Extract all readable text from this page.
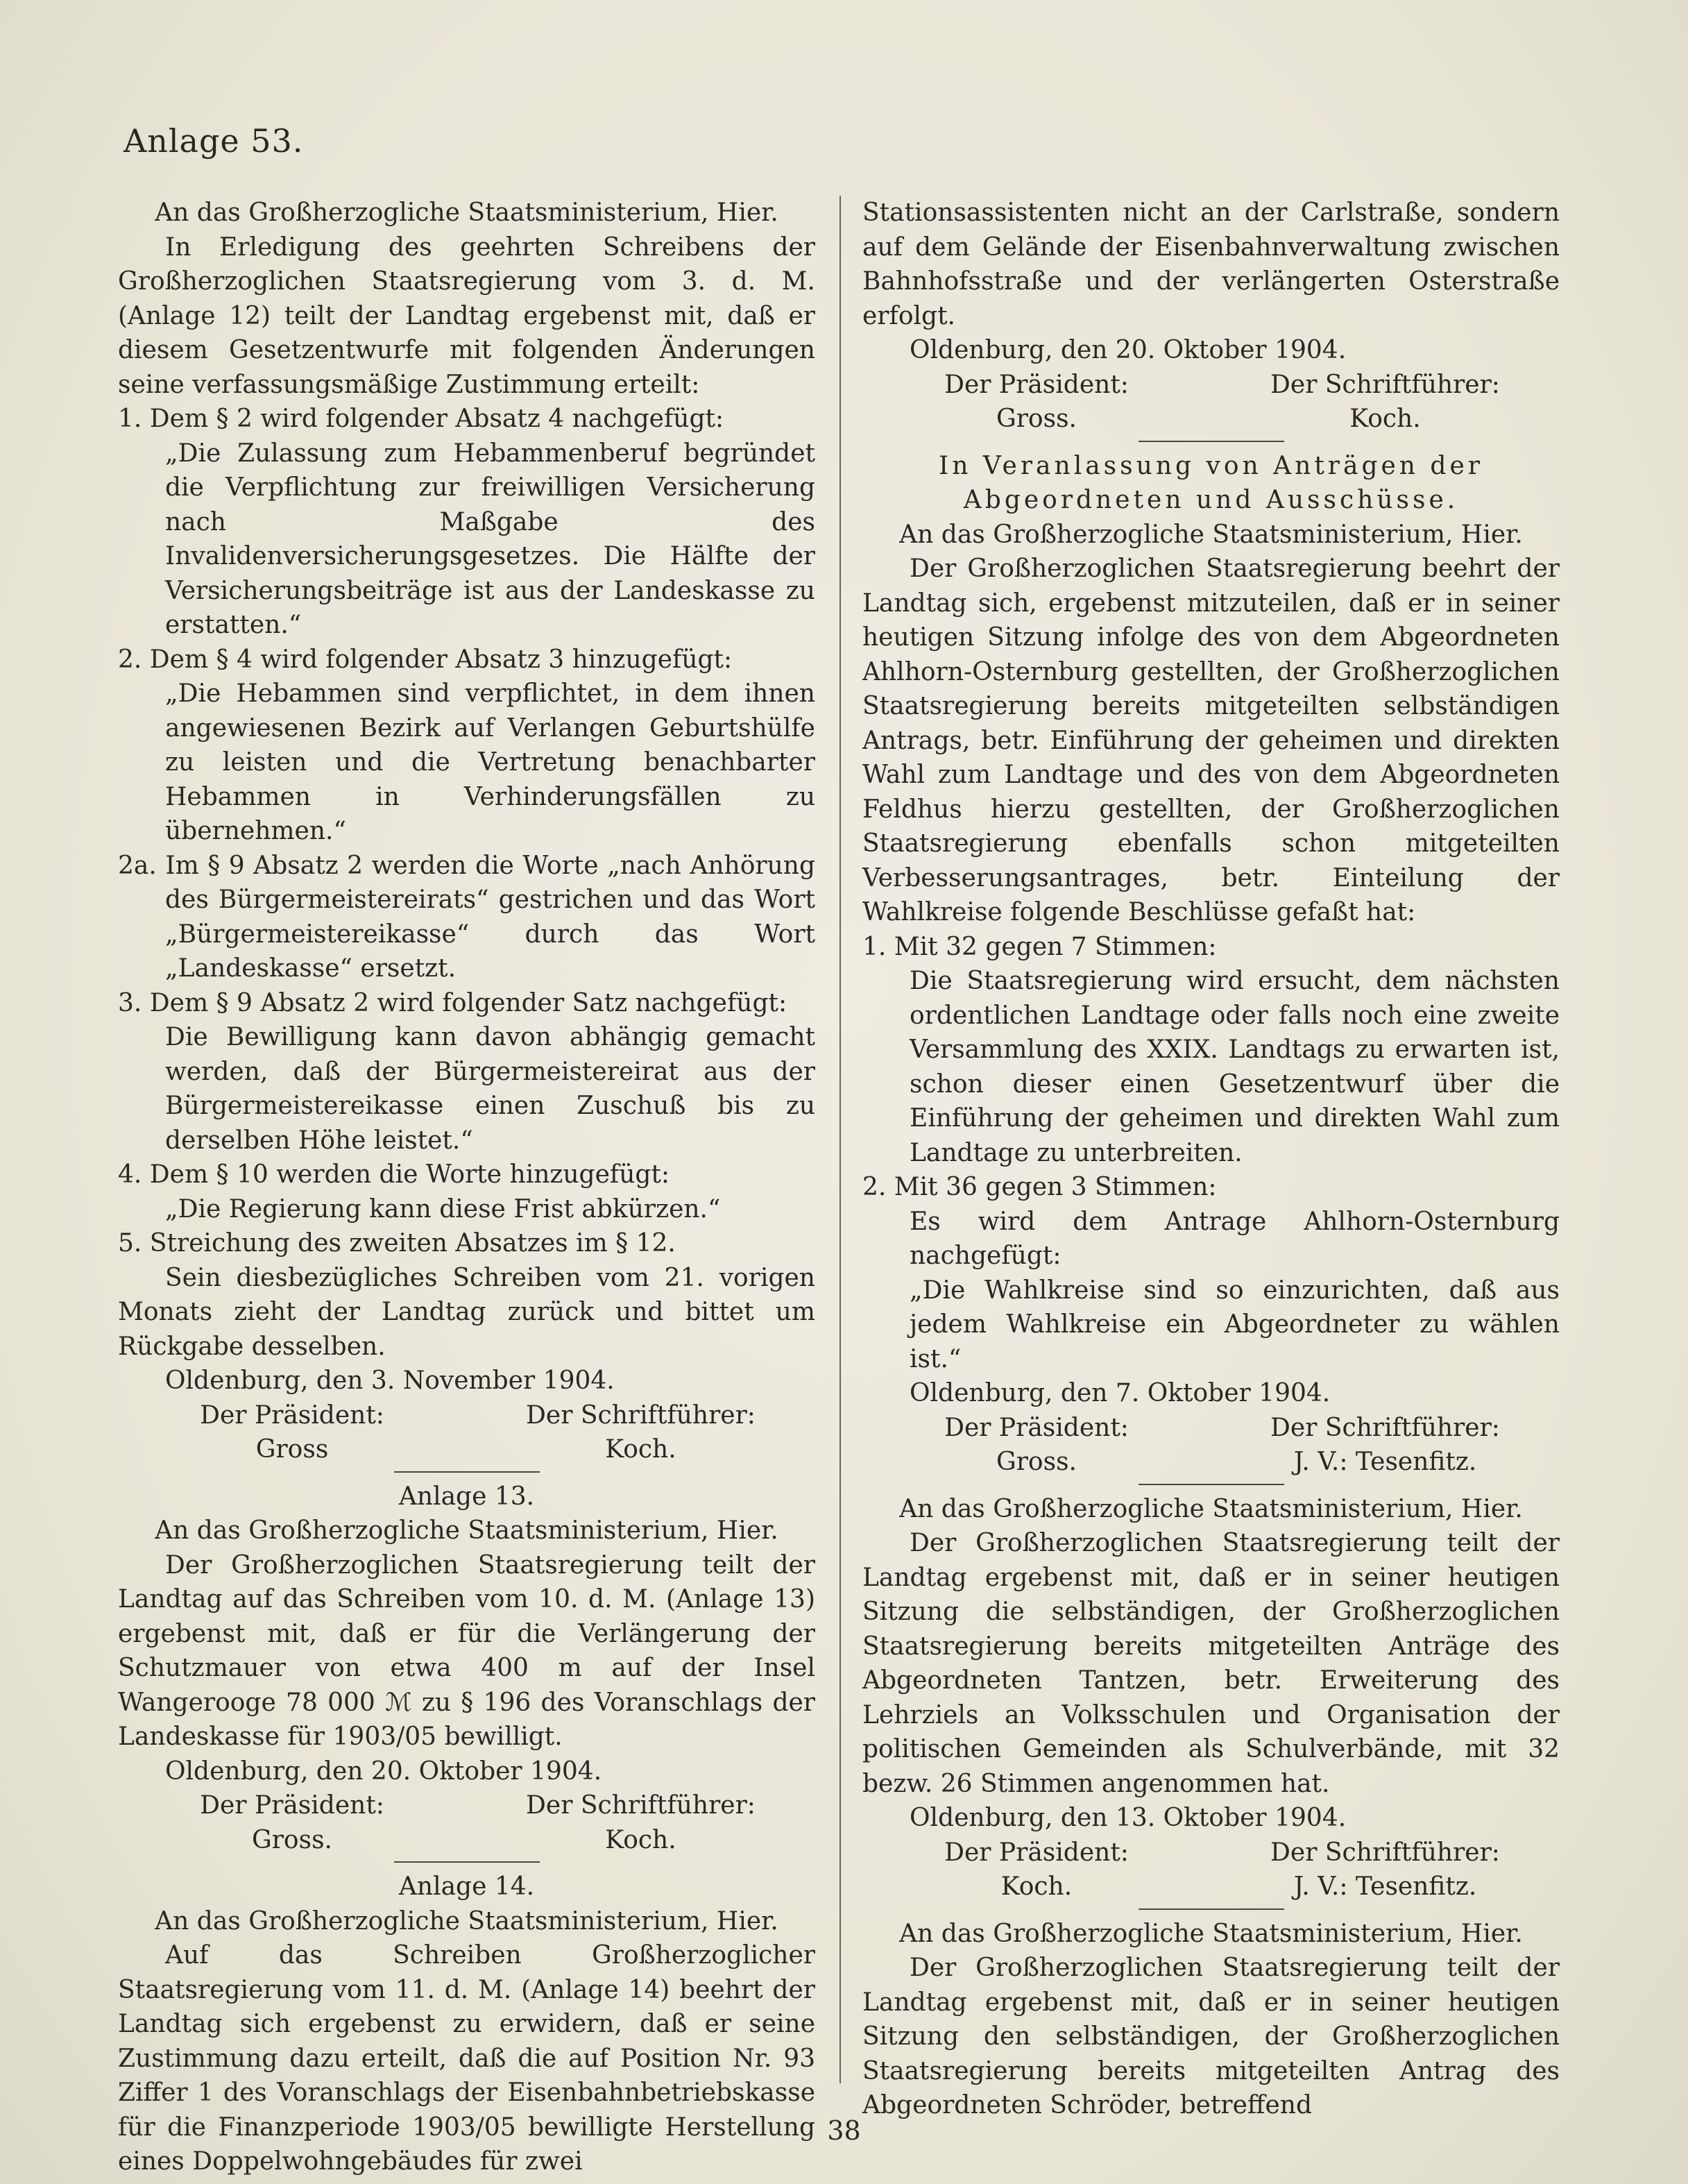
Anlage 53.

An das Großherzogliche Staatsministerium, Hier.

In Erledigung des geehrten Schreibens der Großherzoglichen Staatsregierung vom 3. d. M. (Anlage 12) teilt der Landtag ergebenst mit, daß er diesem Gesetzentwurfe mit folgenden Änderungen seine verfassungsmäßige Zustimmung erteilt:

1. Dem § 2 wird folgender Absatz 4 nachgefügt:

„Die Zulassung zum Hebammenberuf begründet die Verpflichtung zur freiwilligen Versicherung nach Maßgabe des Invalidenversicherungsgesetzes. Die Hälfte der Versicherungsbeiträge ist aus der Landeskasse zu erstatten.“

2. Dem § 4 wird folgender Absatz 3 hinzugefügt:

„Die Hebammen sind verpflichtet, in dem ihnen angewiesenen Bezirk auf Verlangen Geburtshülfe zu leisten und die Vertretung benachbarter Hebammen in Verhinderungsfällen zu übernehmen.“

2a. Im § 9 Absatz 2 werden die Worte „nach Anhörung des Bürgermeistereirats“ gestrichen und das Wort „Bürgermeistereikasse“ durch das Wort „Landeskasse“ ersetzt.

3. Dem § 9 Absatz 2 wird folgender Satz nachgefügt:

Die Bewilligung kann davon abhängig gemacht werden, daß der Bürgermeistereirat aus der Bürgermeistereikasse einen Zuschuß bis zu derselben Höhe leistet.“

4. Dem § 10 werden die Worte hinzugefügt:

„Die Regierung kann diese Frist abkürzen.“

5. Streichung des zweiten Absatzes im § 12.

Sein diesbezügliches Schreiben vom 21. vorigen Monats zieht der Landtag zurück und bittet um Rückgabe desselben.

Oldenburg, den 3. November 1904.

Der Präsident:	Der Schriftführer:
Gross	Koch.

Anlage 13.

An das Großherzogliche Staatsministerium, Hier.

Der Großherzoglichen Staatsregierung teilt der Landtag auf das Schreiben vom 10. d. M. (Anlage 13) ergebenst mit, daß er für die Verlängerung der Schutzmauer von etwa 400 m auf der Insel Wangerooge 78 000 ℳ zu § 196 des Voranschlags der Landeskasse für 1903/05 bewilligt.

Oldenburg, den 20. Oktober 1904.

Der Präsident:	Der Schriftführer:
Gross.	Koch.

Anlage 14.

An das Großherzogliche Staatsministerium, Hier.

Auf das Schreiben Großherzoglicher Staatsregierung vom 11. d. M. (Anlage 14) beehrt der Landtag sich ergebenst zu erwidern, daß er seine Zustimmung dazu erteilt, daß die auf Position Nr. 93 Ziffer 1 des Voranschlags der Eisenbahnbetriebskasse für die Finanzperiode 1903/05 bewilligte Herstellung eines Doppelwohngebäudes für zwei

Stationsassistenten nicht an der Carlstraße, sondern auf dem Gelände der Eisenbahnverwaltung zwischen Bahnhofsstraße und der verlängerten Osterstraße erfolgt.

Oldenburg, den 20. Oktober 1904.

Der Präsident:	Der Schriftführer:
Gross.	Koch.

In Veranlassung von Anträgen der Abgeordneten und Ausschüsse.

An das Großherzogliche Staatsministerium, Hier.

Der Großherzoglichen Staatsregierung beehrt der Landtag sich, ergebenst mitzuteilen, daß er in seiner heutigen Sitzung infolge des von dem Abgeordneten Ahlhorn-Osternburg gestellten, der Großherzoglichen Staatsregierung bereits mitgeteilten selbständigen Antrags, betr. Einführung der geheimen und direkten Wahl zum Landtage und des von dem Abgeordneten Feldhus hierzu gestellten, der Großherzoglichen Staatsregierung ebenfalls schon mitgeteilten Verbesserungsantrages, betr. Einteilung der Wahlkreise folgende Beschlüsse gefaßt hat:

1. Mit 32 gegen 7 Stimmen:

Die Staatsregierung wird ersucht, dem nächsten ordentlichen Landtage oder falls noch eine zweite Versammlung des XXIX. Landtags zu erwarten ist, schon dieser einen Gesetzentwurf über die Einführung der geheimen und direkten Wahl zum Landtage zu unterbreiten.

2. Mit 36 gegen 3 Stimmen:

Es wird dem Antrage Ahlhorn-Osternburg nachgefügt:

„Die Wahlkreise sind so einzurichten, daß aus jedem Wahlkreise ein Abgeordneter zu wählen ist.“

Oldenburg, den 7. Oktober 1904.

Der Präsident:	Der Schriftführer:
Gross.	J. V.: Tesenfitz.

An das Großherzogliche Staatsministerium, Hier.

Der Großherzoglichen Staatsregierung teilt der Landtag ergebenst mit, daß er in seiner heutigen Sitzung die selbständigen, der Großherzoglichen Staatsregierung bereits mitgeteilten Anträge des Abgeordneten Tantzen, betr. Erweiterung des Lehrziels an Volksschulen und Organisation der politischen Gemeinden als Schulverbände, mit 32 bezw. 26 Stimmen angenommen hat.

Oldenburg, den 13. Oktober 1904.

Der Präsident:	Der Schriftführer:
Koch.	J. V.: Tesenfitz.

An das Großherzogliche Staatsministerium, Hier.

Der Großherzoglichen Staatsregierung teilt der Landtag ergebenst mit, daß er in seiner heutigen Sitzung den selbständigen, der Großherzoglichen Staatsregierung bereits mitgeteilten Antrag des Abgeordneten Schröder, betreffend

38
